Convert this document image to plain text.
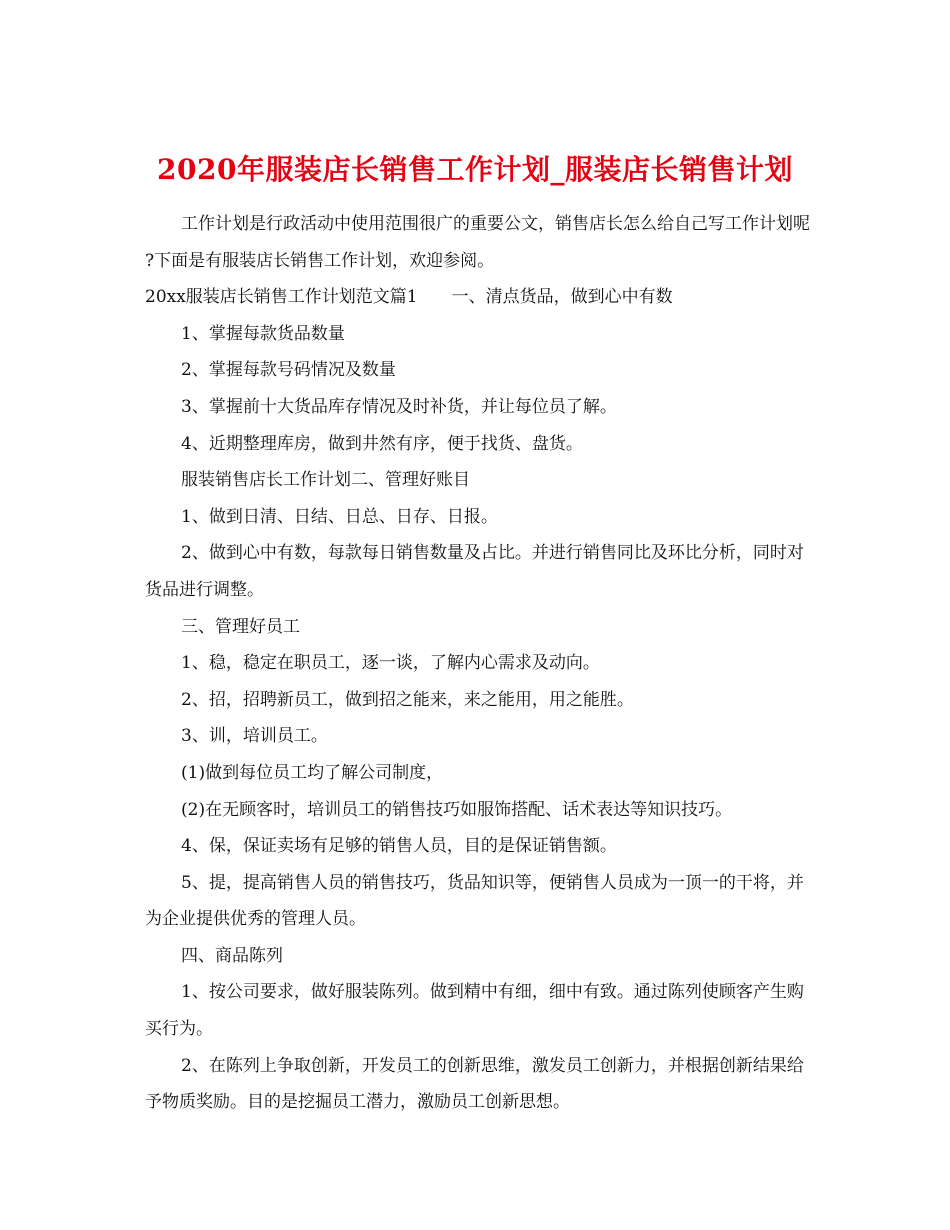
2020年服装店长销售工作计划_服装店长销售计划

工作计划是行政活动中使用范围很广的重要公文，销售店长怎么给自己写工作计划呢 ?下面是有服装店长销售工作计划，欢迎参阅。

20xx服装店长销售工作计划范文篇1 一、清点货品，做到心中有数

1、掌握每款货品数量

2、掌握每款号码情况及数量

3、掌握前十大货品库存情况及时补货，并让每位员了解。

4、近期整理库房，做到井然有序，便于找货、盘货。

服装销售店长工作计划二、管理好账目

1、做到日清、日结、日总、日存、日报。

2、做到心中有数，每款每日销售数量及占比。并进行销售同比及环比分析，同时对货品进行调整。

三、管理好员工

1、稳，稳定在职员工，逐一谈，了解内心需求及动向。

2、招，招聘新员工，做到招之能来，来之能用，用之能胜。

3、训，培训员工。

(1)做到每位员工均了解公司制度，

(2)在无顾客时，培训员工的销售技巧如服饰搭配、话术表达等知识技巧。

4、保，保证卖场有足够的销售人员，目的是保证销售额。

5、提，提高销售人员的销售技巧，货品知识等，便销售人员成为一顶一的干将，并为企业提供优秀的管理人员。

四、商品陈列

1、按公司要求，做好服装陈列。做到精中有细，细中有致。通过陈列使顾客产生购买行为。

2、在陈列上争取创新，开发员工的创新思维，激发员工创新力，并根据创新结果给予物质奖励。目的是挖掘员工潜力，激励员工创新思想。
